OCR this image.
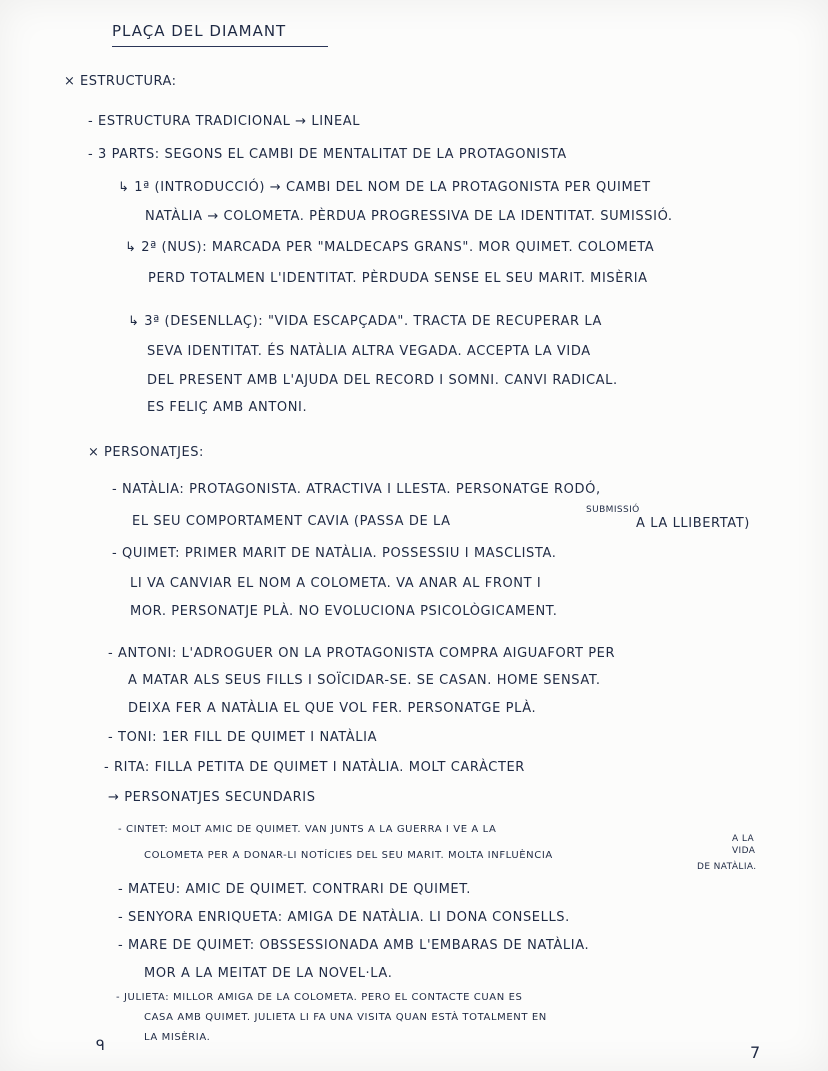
PLAÇA DEL DIAMANT
× ESTRUCTURA:
- ESTRUCTURA TRADICIONAL → LINEAL
- 3 PARTS: SEGONS EL CAMBI DE MENTALITAT DE LA PROTAGONISTA
↳ 1ª (INTRODUCCIÓ) → CAMBI DEL NOM DE LA PROTAGONISTA PER QUIMET
NATÀLIA → COLOMETA. PÈRDUA PROGRESSIVA DE LA IDENTITAT. SUMISSIÓ.
↳ 2ª (NUS): MARCADA PER "MALDECAPS GRANS". MOR QUIMET. COLOMETA
PERD TOTALMEN L'IDENTITAT. PÈRDUDA SENSE EL SEU MARIT. MISÈRIA
↳ 3ª (DESENLLAÇ): "VIDA ESCAPÇADA". TRACTA DE RECUPERAR LA
SEVA IDENTITAT. ÉS NATÀLIA ALTRA VEGADA. ACCEPTA LA VIDA
DEL PRESENT AMB L'AJUDA DEL RECORD I SOMNI. CANVI RADICAL.
ES FELIÇ AMB ANTONI.
× PERSONATJES:
- NATÀLIA: PROTAGONISTA. ATRACTIVA I LLESTA. PERSONATGE RODÓ,
EL SEU COMPORTAMENT CAVIA (PASSA DE LA
SUBMISSIÓ
A LA LLIBERTAT)
- QUIMET: PRIMER MARIT DE NATÀLIA. POSSESSIU I MASCLISTA.
LI VA CANVIAR EL NOM A COLOMETA. VA ANAR AL FRONT I
MOR. PERSONATJE PLÀ. NO EVOLUCIONA PSICOLÒGICAMENT.
- ANTONI: L'ADROGUER ON LA PROTAGONISTA COMPRA AIGUAFORT PER
A MATAR ALS SEUS FILLS I SOÏCIDAR-SE. SE CASAN. HOME SENSAT.
DEIXA FER A NATÀLIA EL QUE VOL FER. PERSONATGE PLÀ.
- TONI: 1ER FILL DE QUIMET I NATÀLIA
- RITA: FILLA PETITA DE QUIMET I NATÀLIA. MOLT CARÀCTER
→ PERSONATJES SECUNDARIS
- CINTET: MOLT AMIC DE QUIMET. VAN JUNTS A LA GUERRA I VE A LA
COLOMETA PER A DONAR-LI NOTÍCIES DEL SEU MARIT. MOLTA INFLUÈNCIA
A LA
VIDA
DE NATÀLIA.
- MATEU: AMIC DE QUIMET. CONTRARI DE QUIMET.
- SENYORA ENRIQUETA: AMIGA DE NATÀLIA. LI DONA CONSELLS.
- MARE DE QUIMET: OBSSESSIONADA AMB L'EMBARAS DE NATÀLIA.
MOR A LA MEITAT DE LA NOVEL·LA.
- JULIETA: MILLOR AMIGA DE LA COLOMETA. PERO EL CONTACTE CUAN ES
CASA AMB QUIMET. JULIETA LI FA UNA VISITA QUAN ESTÀ TOTALMENT EN
LA MISÈRIA.
ᑫ	7
